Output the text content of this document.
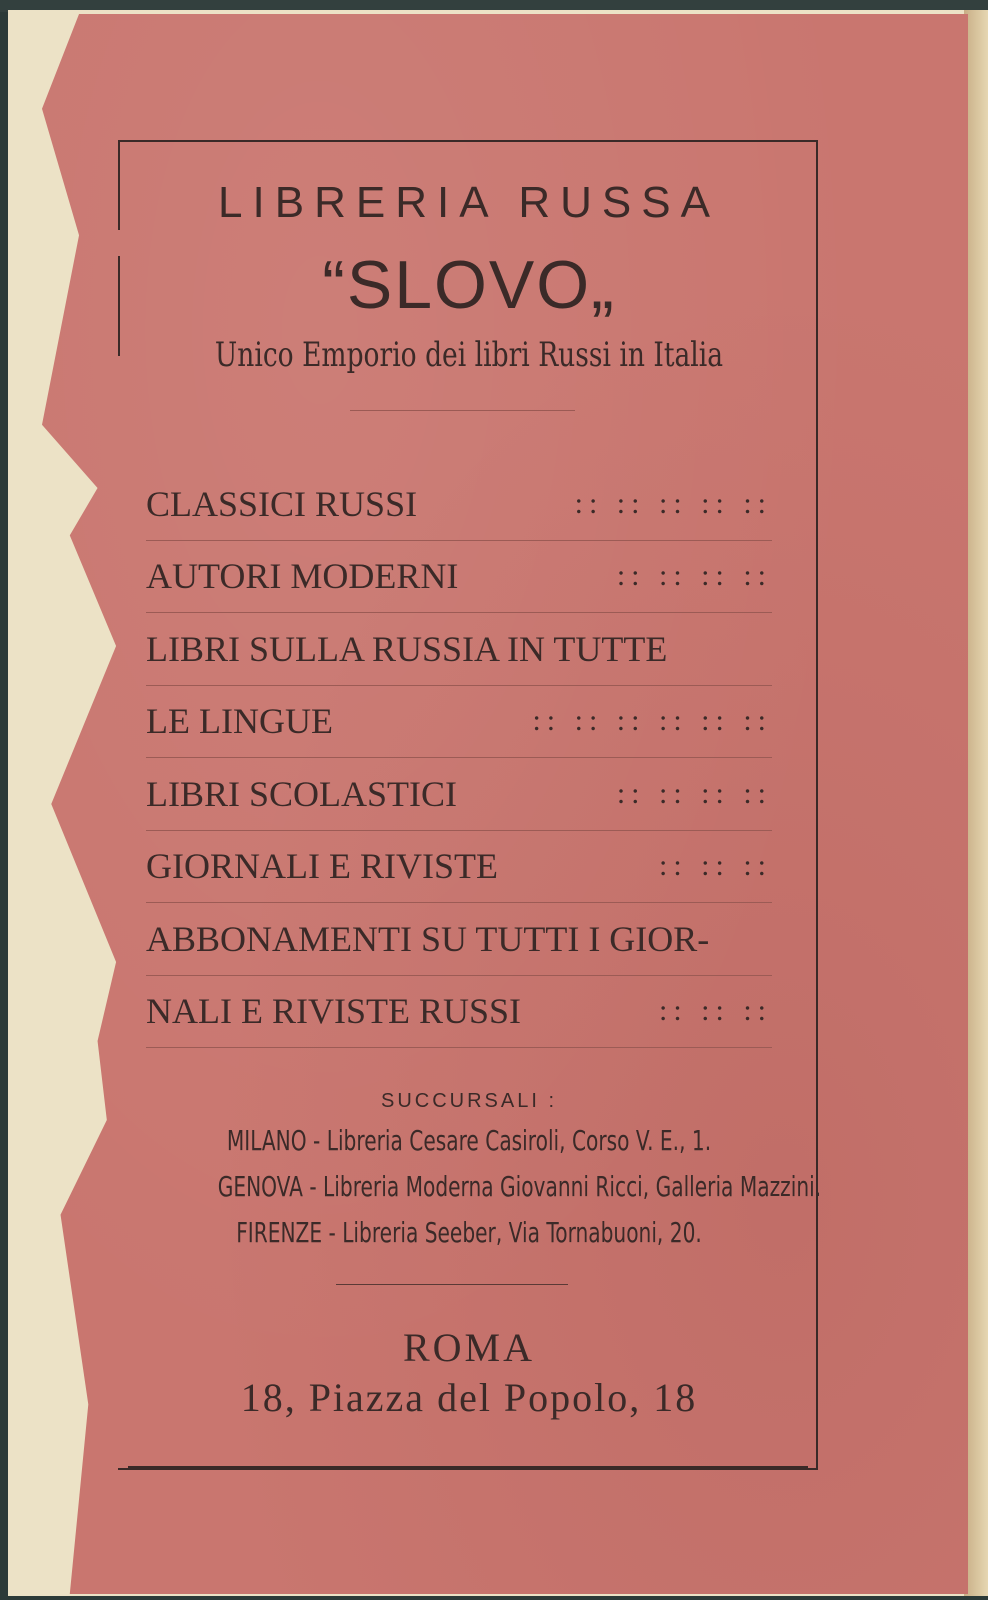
LIBRERIA RUSSA
“SLOVO„
Unico Emporio dei libri Russi in Italia
CLASSICI RUSSI	:: :: :: :: ::
AUTORI MODERNI	:: :: :: ::
LIBRI SULLA RUSSIA IN TUTTE
LE LINGUE	:: :: :: :: :: ::
LIBRI SCOLASTICI	:: :: :: ::
GIORNALI E RIVISTE	:: :: ::
ABBONAMENTI SU TUTTI I GIOR-
NALI E RIVISTE RUSSI	:: :: ::
SUCCURSALI :
MILANO - Libreria Cesare Casiroli, Corso V. E., 1.
GENOVA - Libreria Moderna Giovanni Ricci, Galleria Mazzini.
FIRENZE - Libreria Seeber, Via Tornabuoni, 20.
ROMA
18, Piazza del Popolo, 18
